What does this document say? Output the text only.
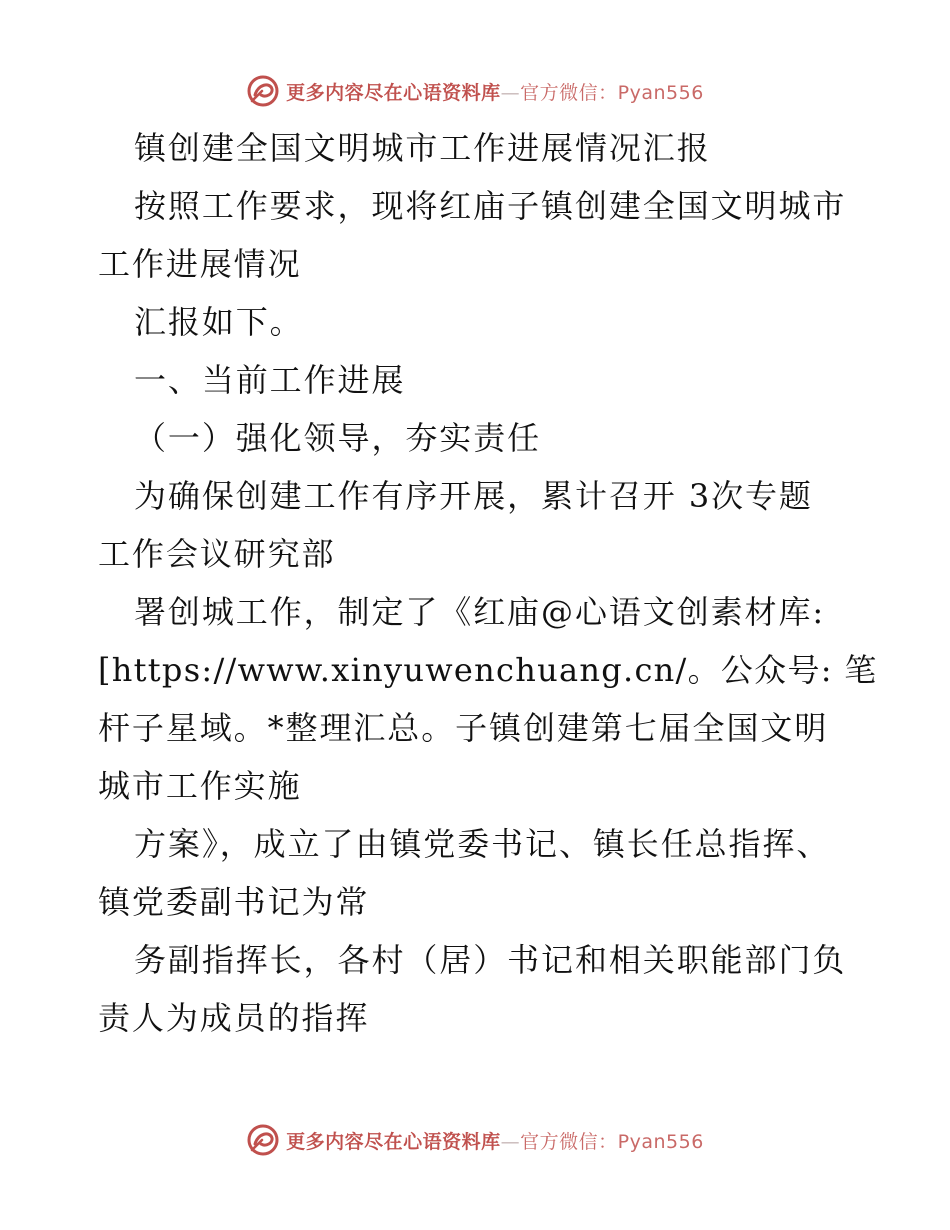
更多内容尽在心语资料库—官方微信：Pyan556
镇创建全国文明城市工作进展情况汇报
按照工作要求，现将红庙子镇创建全国文明城市
工作进展情况
汇报如下。
一、当前工作进展
（一）强化领导，夯实责任
为确保创建工作有序开展，累计召开 3次专题
工作会议研究部
署创城工作，制定了《红庙@心语文创素材库:
[https://www.xinyuwenchuang.cn/。公众号: 笔
杆子星域。*整理汇总。子镇创建第七届全国文明
城市工作实施
方案》，成立了由镇党委书记、镇长任总指挥、
镇党委副书记为常
务副指挥长，各村（居）书记和相关职能部门负
责人为成员的指挥
更多内容尽在心语资料库—官方微信：Pyan556
